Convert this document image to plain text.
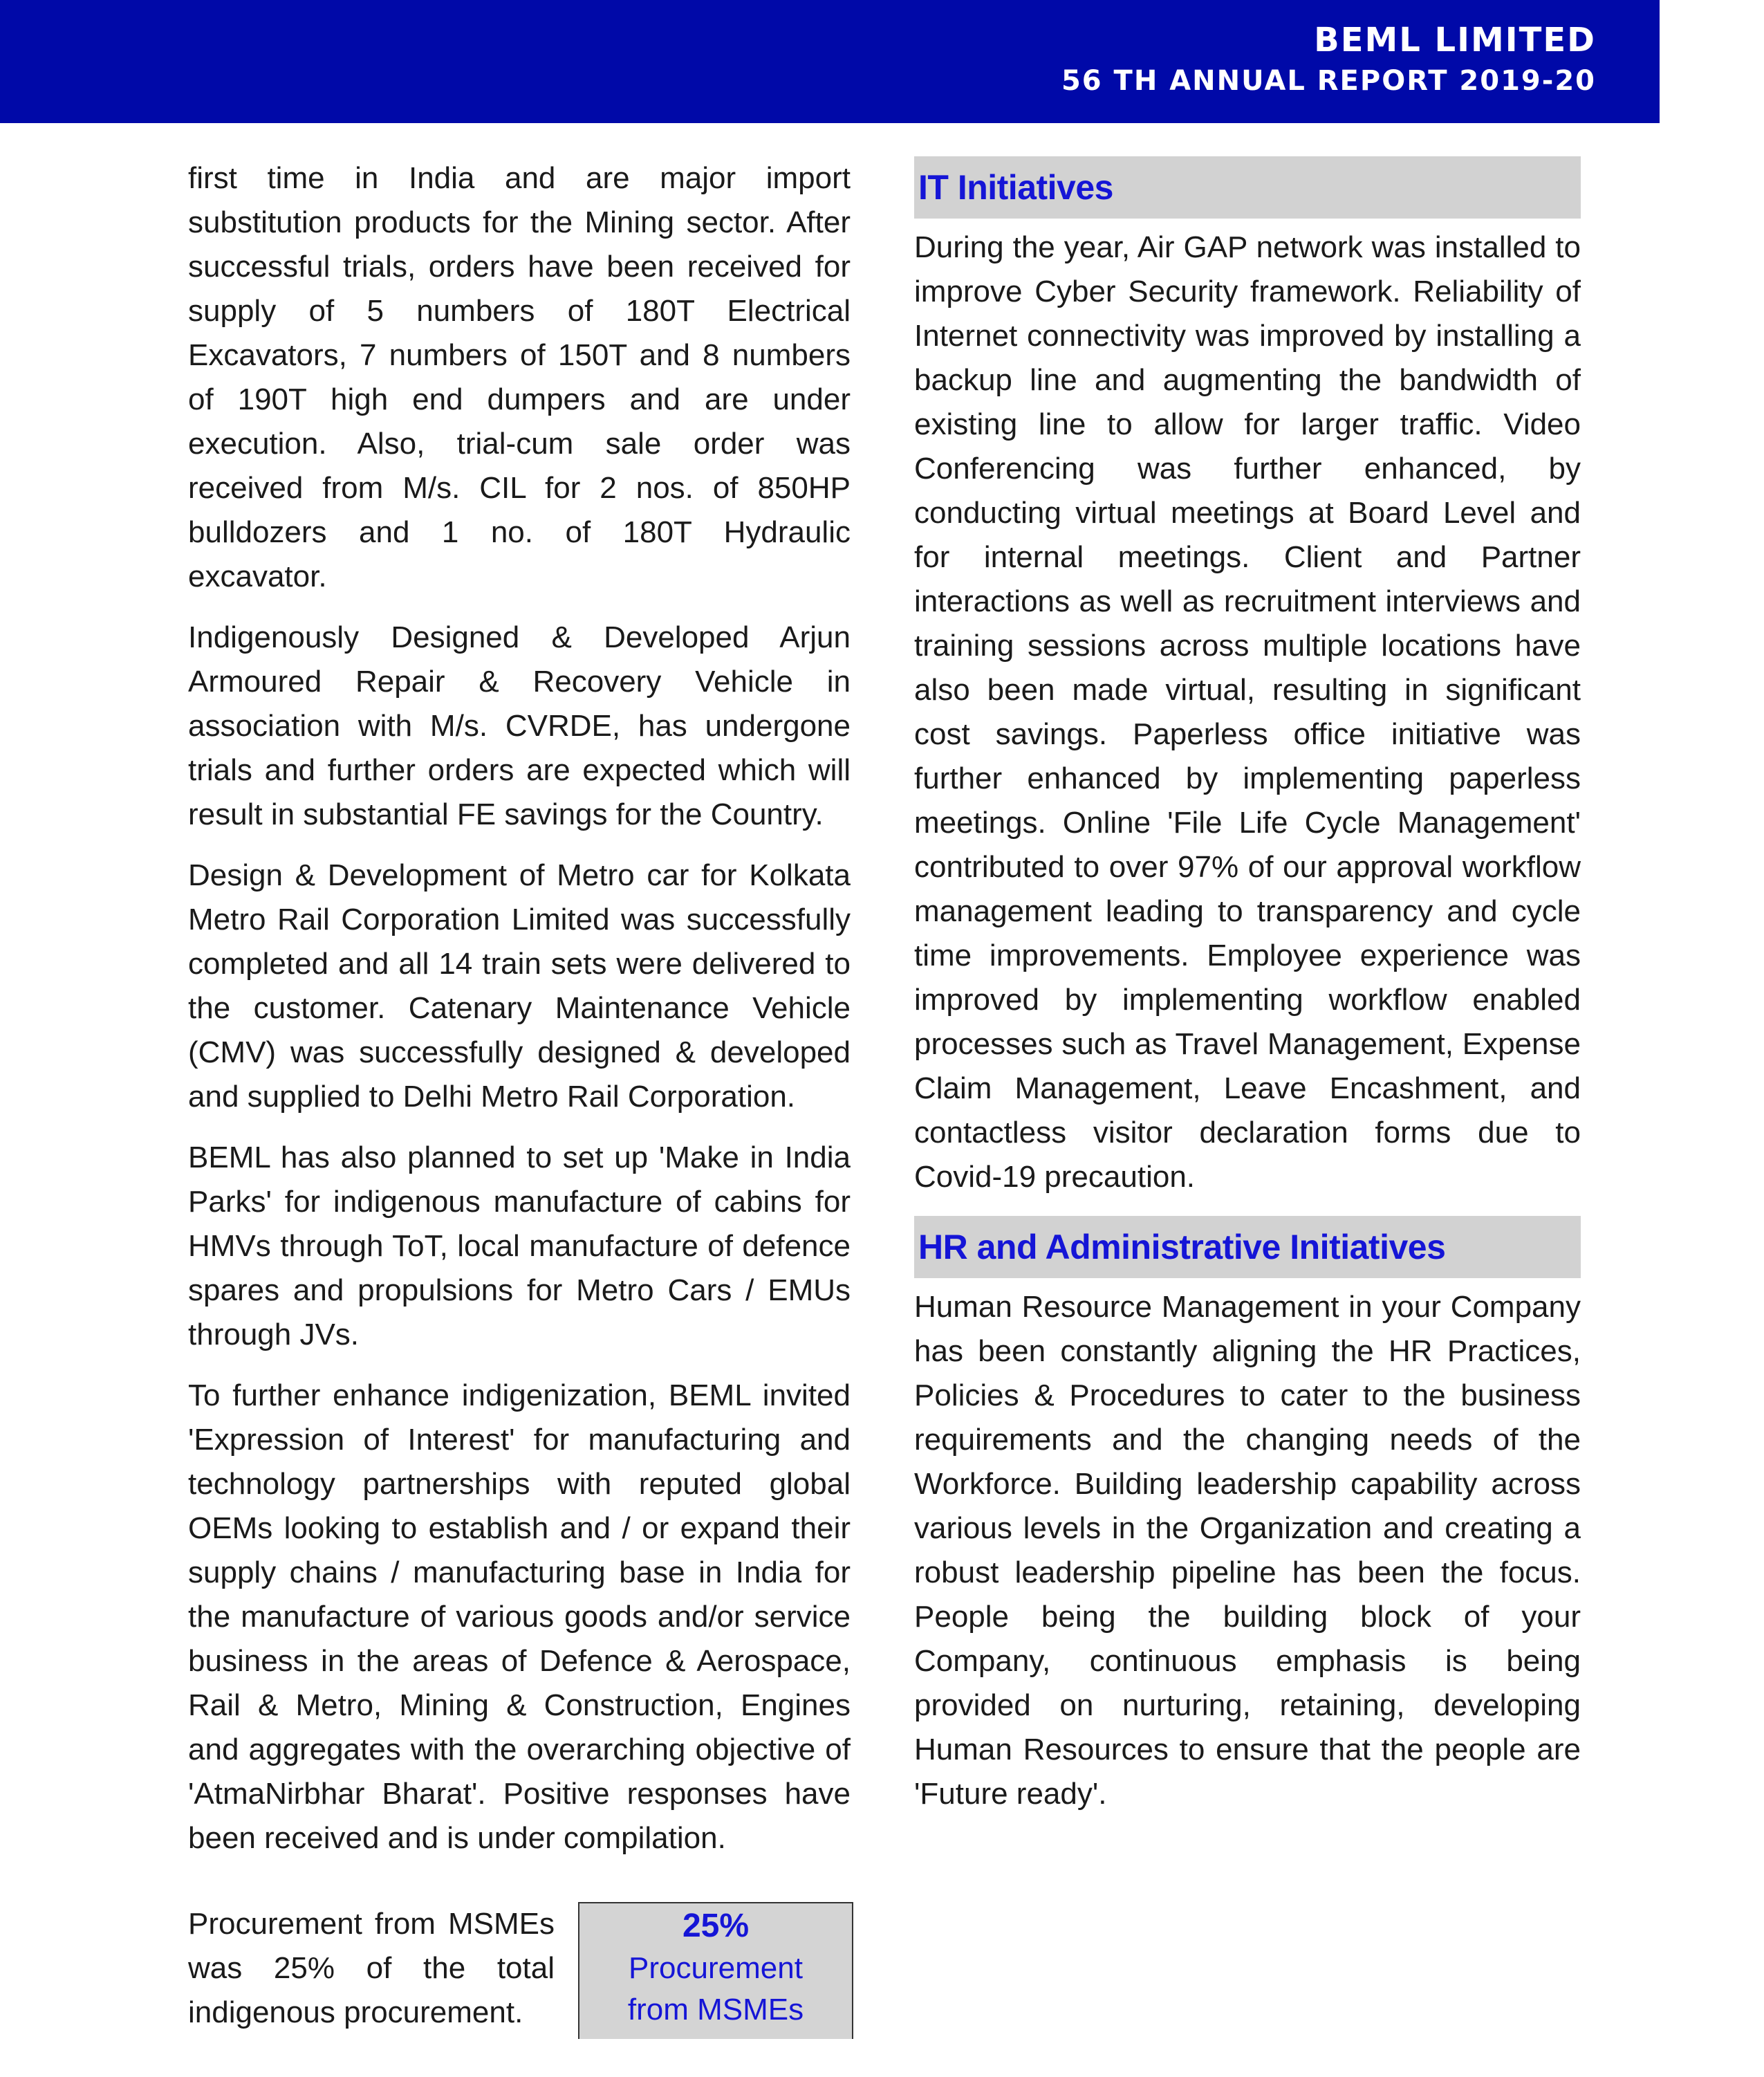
BEML LIMITED
56 TH ANNUAL REPORT 2019-20

first time in India and are major import substitution products for the Mining sector. After successful trials, orders have been received for supply of 5 numbers of 180T Electrical Excavators, 7 numbers of 150T and 8 numbers of 190T high end dumpers and are under execution. Also, trial-cum sale order was received from M/s. CIL for 2 nos. of 850HP bulldozers and 1 no. of 180T Hydraulic excavator.

Indigenously Designed & Developed Arjun Armoured Repair & Recovery Vehicle in association with M/s. CVRDE, has undergone trials and further orders are expected which will result in substantial FE savings for the Country.

Design & Development of Metro car for Kolkata Metro Rail Corporation Limited was successfully completed and all 14 train sets were delivered to the customer. Catenary Maintenance Vehicle (CMV) was successfully designed & developed and supplied to Delhi Metro Rail Corporation.

BEML has also planned to set up 'Make in India Parks' for indigenous manufacture of cabins for HMVs through ToT, local manufacture of defence spares and propulsions for Metro Cars / EMUs through JVs.

To further enhance indigenization, BEML invited 'Expression of Interest' for manufacturing and technology partnerships with reputed global OEMs looking to establish and / or expand their supply chains / manufacturing base in India for the manufacture of various goods and/or service business in the areas of Defence & Aerospace, Rail & Metro, Mining & Construction, Engines and aggregates with the overarching objective of 'AtmaNirbhar Bharat'. Positive responses have been received and is under compilation.

Procurement from MSMEs was 25% of the total indigenous procurement.
25%
Procurement
from MSMEs
IT Initiatives

During the year, Air GAP network was installed to improve Cyber Security framework. Reliability of Internet connectivity was improved by installing a backup line and augmenting the bandwidth of existing line to allow for larger traffic. Video Conferencing was further enhanced, by conducting virtual meetings at Board Level and for internal meetings. Client and Partner interactions as well as recruitment interviews and training sessions across multiple locations have also been made virtual, resulting in significant cost savings. Paperless office initiative was further enhanced by implementing paperless meetings. Online 'File Life Cycle Management' contributed to over 97% of our approval workflow management leading to transparency and cycle time improvements. Employee experience was improved by implementing workflow enabled processes such as Travel Management, Expense Claim Management, Leave Encashment, and contactless visitor declaration forms due to Covid-19 precaution.

HR and Administrative Initiatives

Human Resource Management in your Company has been constantly aligning the HR Practices, Policies & Procedures to cater to the business requirements and the changing needs of the Workforce. Building leadership capability across various levels in the Organization and creating a robust leadership pipeline has been the focus. People being the building block of your Company, continuous emphasis is being provided on nurturing, retaining, developing Human Resources to ensure that the people are 'Future ready'.
